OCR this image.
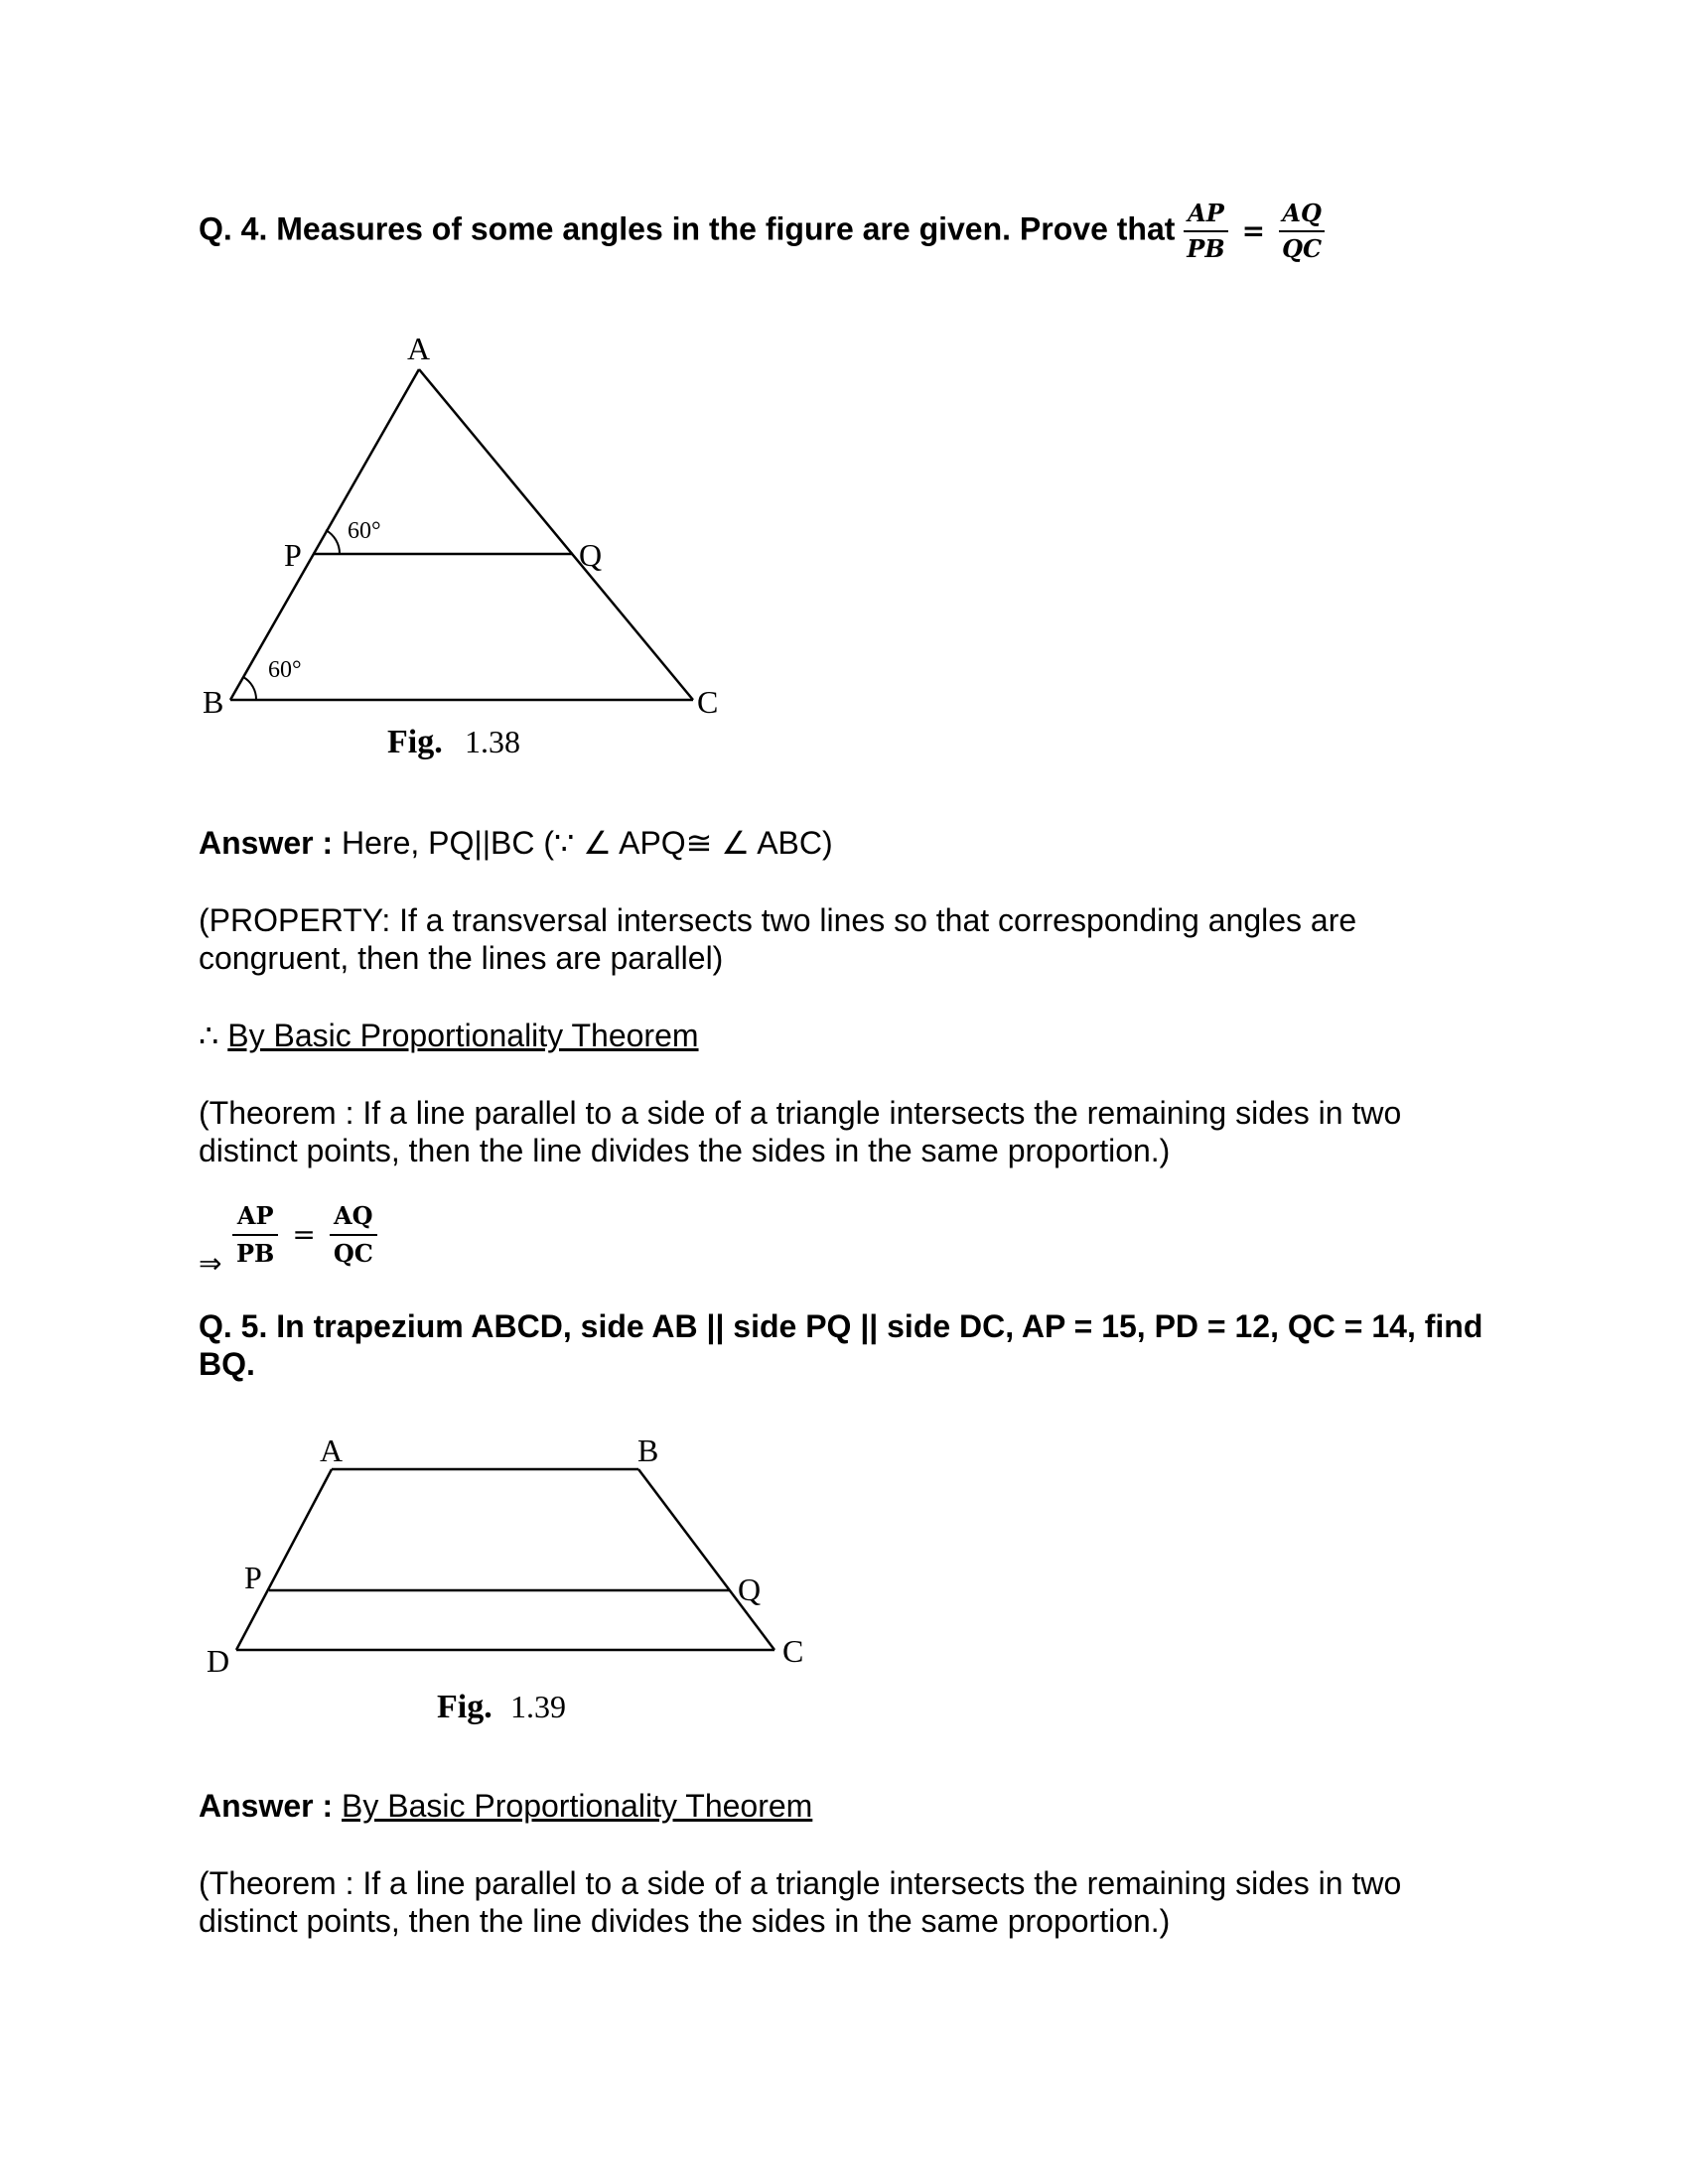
Q. 4. Measures of some angles in the figure are given. Prove that $\frac{AP}{PB} = \frac{AQ}{QC}$
A
P	Q
B	C
60°
60°
Fig. 1.38
Answer : Here, PQ||BC (∵ ∠ APQ≅ ∠ ABC)
(PROPERTY: If a transversal intersects two lines so that corresponding angles are congruent, then the lines are parallel)
∴ By Basic Proportionality Theorem
(Theorem : If a line parallel to a side of a triangle intersects the remaining sides in two distinct points, then the line divides the sides in the same proportion.)
⇒ $\frac{AP}{PB} = \frac{AQ}{QC}$
Q. 5. In trapezium ABCD, side AB || side PQ || side DC, AP = 15, PD = 12, QC = 14, find BQ.
A	B
P	Q
D	C
Fig. 1.39
Answer : By Basic Proportionality Theorem
(Theorem : If a line parallel to a side of a triangle intersects the remaining sides in two distinct points, then the line divides the sides in the same proportion.)
